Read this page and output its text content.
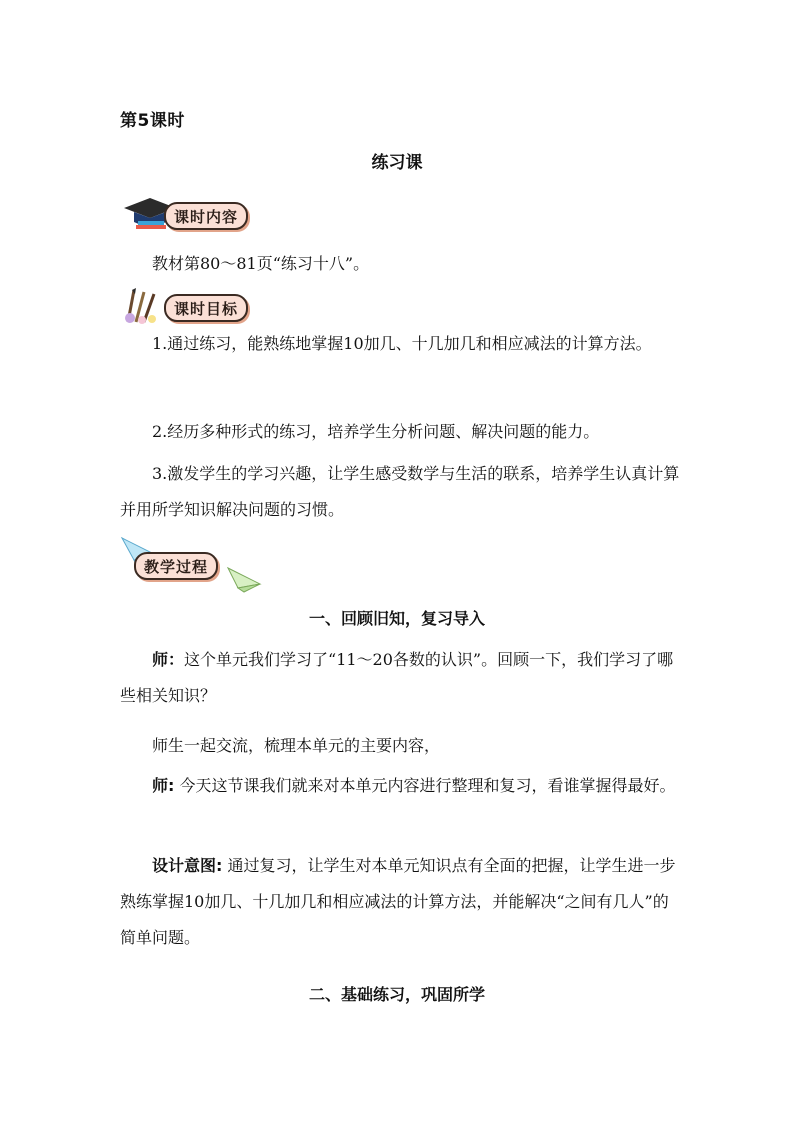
第5课时
练习课
课时内容

教材第80～81页“练习十八”。

课时目标

1.通过练习，能熟练地掌握10加几、十几加几和相应减法的计算方法。

2.经历多种形式的练习，培养学生分析问题、解决问题的能力。

3.激发学生的学习兴趣，让学生感受数学与生活的联系，培养学生认真计算并用所学知识解决问题的习惯。

教学过程
一、回顾旧知，复习导入

师：这个单元我们学习了“11～20各数的认识”。回顾一下，我们学习了哪些相关知识？

师生一起交流，梳理本单元的主要内容，

师: 今天这节课我们就来对本单元内容进行整理和复习，看谁掌握得最好。

设计意图: 通过复习，让学生对本单元知识点有全面的把握，让学生进一步熟练掌握10加几、十几加几和相应减法的计算方法，并能解决“之间有几人”的简单问题。

二、基础练习，巩固所学
